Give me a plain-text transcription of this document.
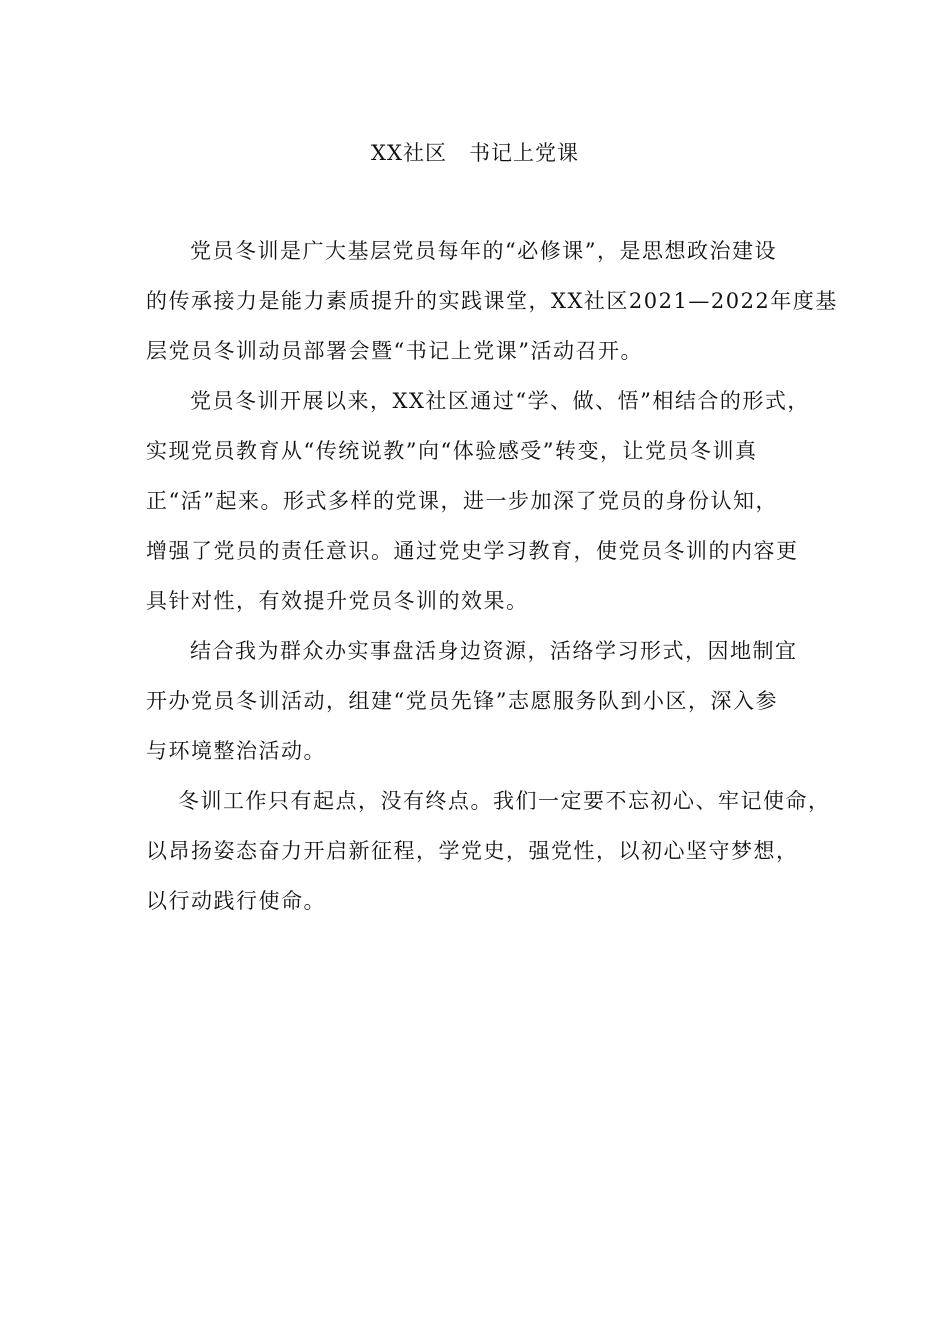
XX社区 书记上党课
党员冬训是广大基层党员每年的“必修课”，是思想政治建设
的传承接力是能力素质提升的实践课堂，XX社区2021—2022年度基
层党员冬训动员部署会暨“书记上党课”活动召开。
党员冬训开展以来，XX社区通过“学、做、悟”相结合的形式，
实现党员教育从“传统说教”向“体验感受”转变，让党员冬训真
正“活”起来。形式多样的党课，进一步加深了党员的身份认知，
增强了党员的责任意识。通过党史学习教育，使党员冬训的内容更
具针对性，有效提升党员冬训的效果。
结合我为群众办实事盘活身边资源，活络学习形式，因地制宜
开办党员冬训活动，组建“党员先锋”志愿服务队到小区，深入参
与环境整治活动。
冬训工作只有起点，没有终点。我们一定要不忘初心、牢记使命，
以昂扬姿态奋力开启新征程，学党史，强党性，以初心坚守梦想，
以行动践行使命。
